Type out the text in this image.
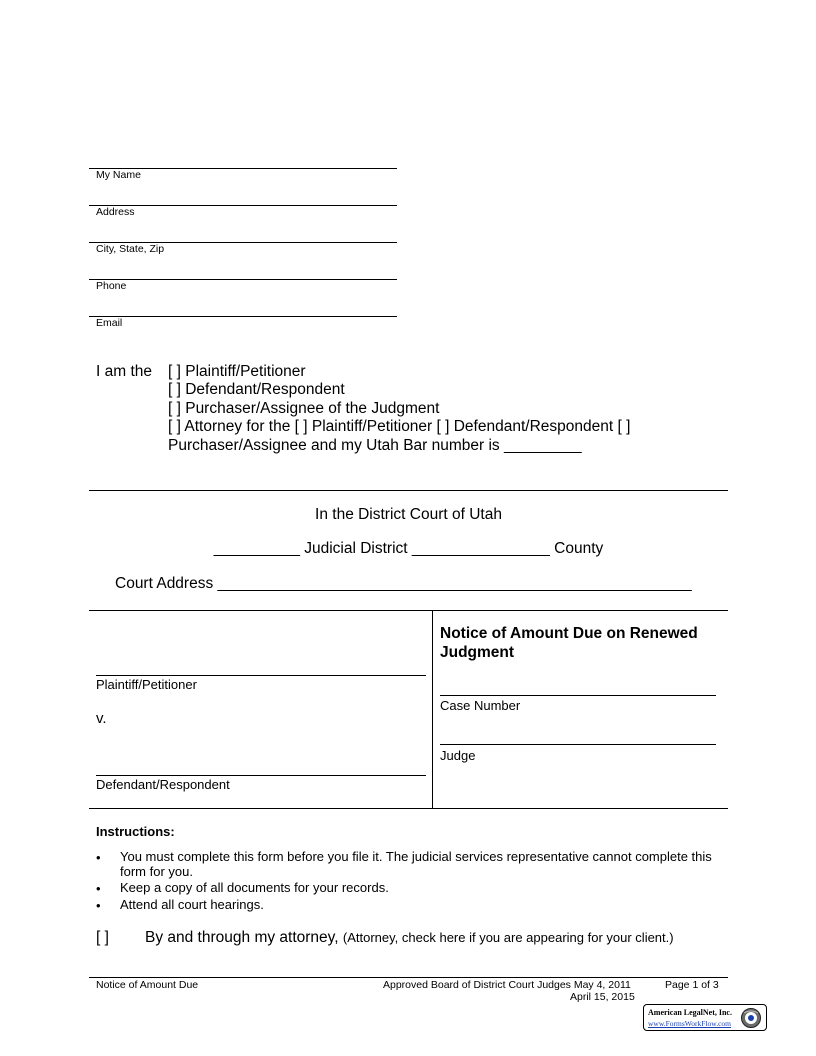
My Name
Address
City, State, Zip
Phone
Email
I am the [ ] Plaintiff/Petitioner
[ ] Defendant/Respondent
[ ] Purchaser/Assignee of the Judgment
[ ] Attorney for the [ ] Plaintiff/Petitioner [ ] Defendant/Respondent [ ]
Purchaser/Assignee and my Utah Bar number is _________
In the District Court of Utah
__________ Judicial District ________________ County
Court Address _______________________________________________________
Plaintiff/Petitioner
v.
Defendant/Respondent
Notice of Amount Due on Renewed Judgment
Case Number
Judge
Instructions:
• You must complete this form before you file it. The judicial services representative cannot complete this form for you.
• Keep a copy of all documents for your records.
• Attend all court hearings.
[ ] By and through my attorney, (Attorney, check here if you are appearing for your client.)
Notice of Amount Due	Approved Board of District Court Judges May 4, 2011
April 15, 2015
Page 1 of 3
American LegalNet, Inc.
www.FormsWorkFlow.com
